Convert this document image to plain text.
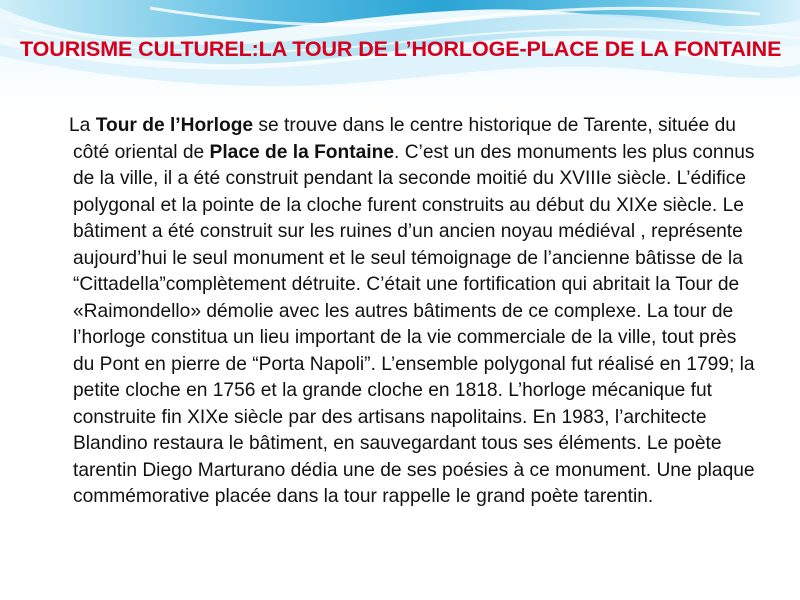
TOURISME CULTUREL:LA TOUR DE L’HORLOGE-PLACE DE LA FONTAINE

La Tour de l’Horloge se trouve dans le centre historique de Tarente, située du côté oriental de Place de la Fontaine. C’est un des monuments les plus connus de la ville, il a été construit pendant la seconde moitié du XVIIIe siècle. L’édifice polygonal et la pointe de la cloche furent construits au début du XIXe siècle. Le bâtiment a été construit sur les ruines d’un ancien noyau médiéval , représente aujourd’hui le seul monument et le seul témoignage de l’ancienne bâtisse de la “Cittadella”complètement détruite. C’était une fortification qui abritait la Tour de «Raimondello» démolie avec les autres bâtiments de ce complexe. La tour de l’horloge constitua un lieu important de la vie commerciale de la ville, tout près du Pont en pierre de “Porta Napoli”. L’ensemble polygonal fut réalisé en 1799; la petite cloche en 1756 et la grande cloche en 1818. L’horloge mécanique fut construite fin XIXe siècle par des artisans napolitains. En 1983, l’architecte Blandino restaura le bâtiment, en sauvegardant tous ses éléments. Le poète tarentin Diego Marturano dédia une de ses poésies à ce monument. Une plaque commémorative placée dans la tour rappelle le grand poète tarentin.
